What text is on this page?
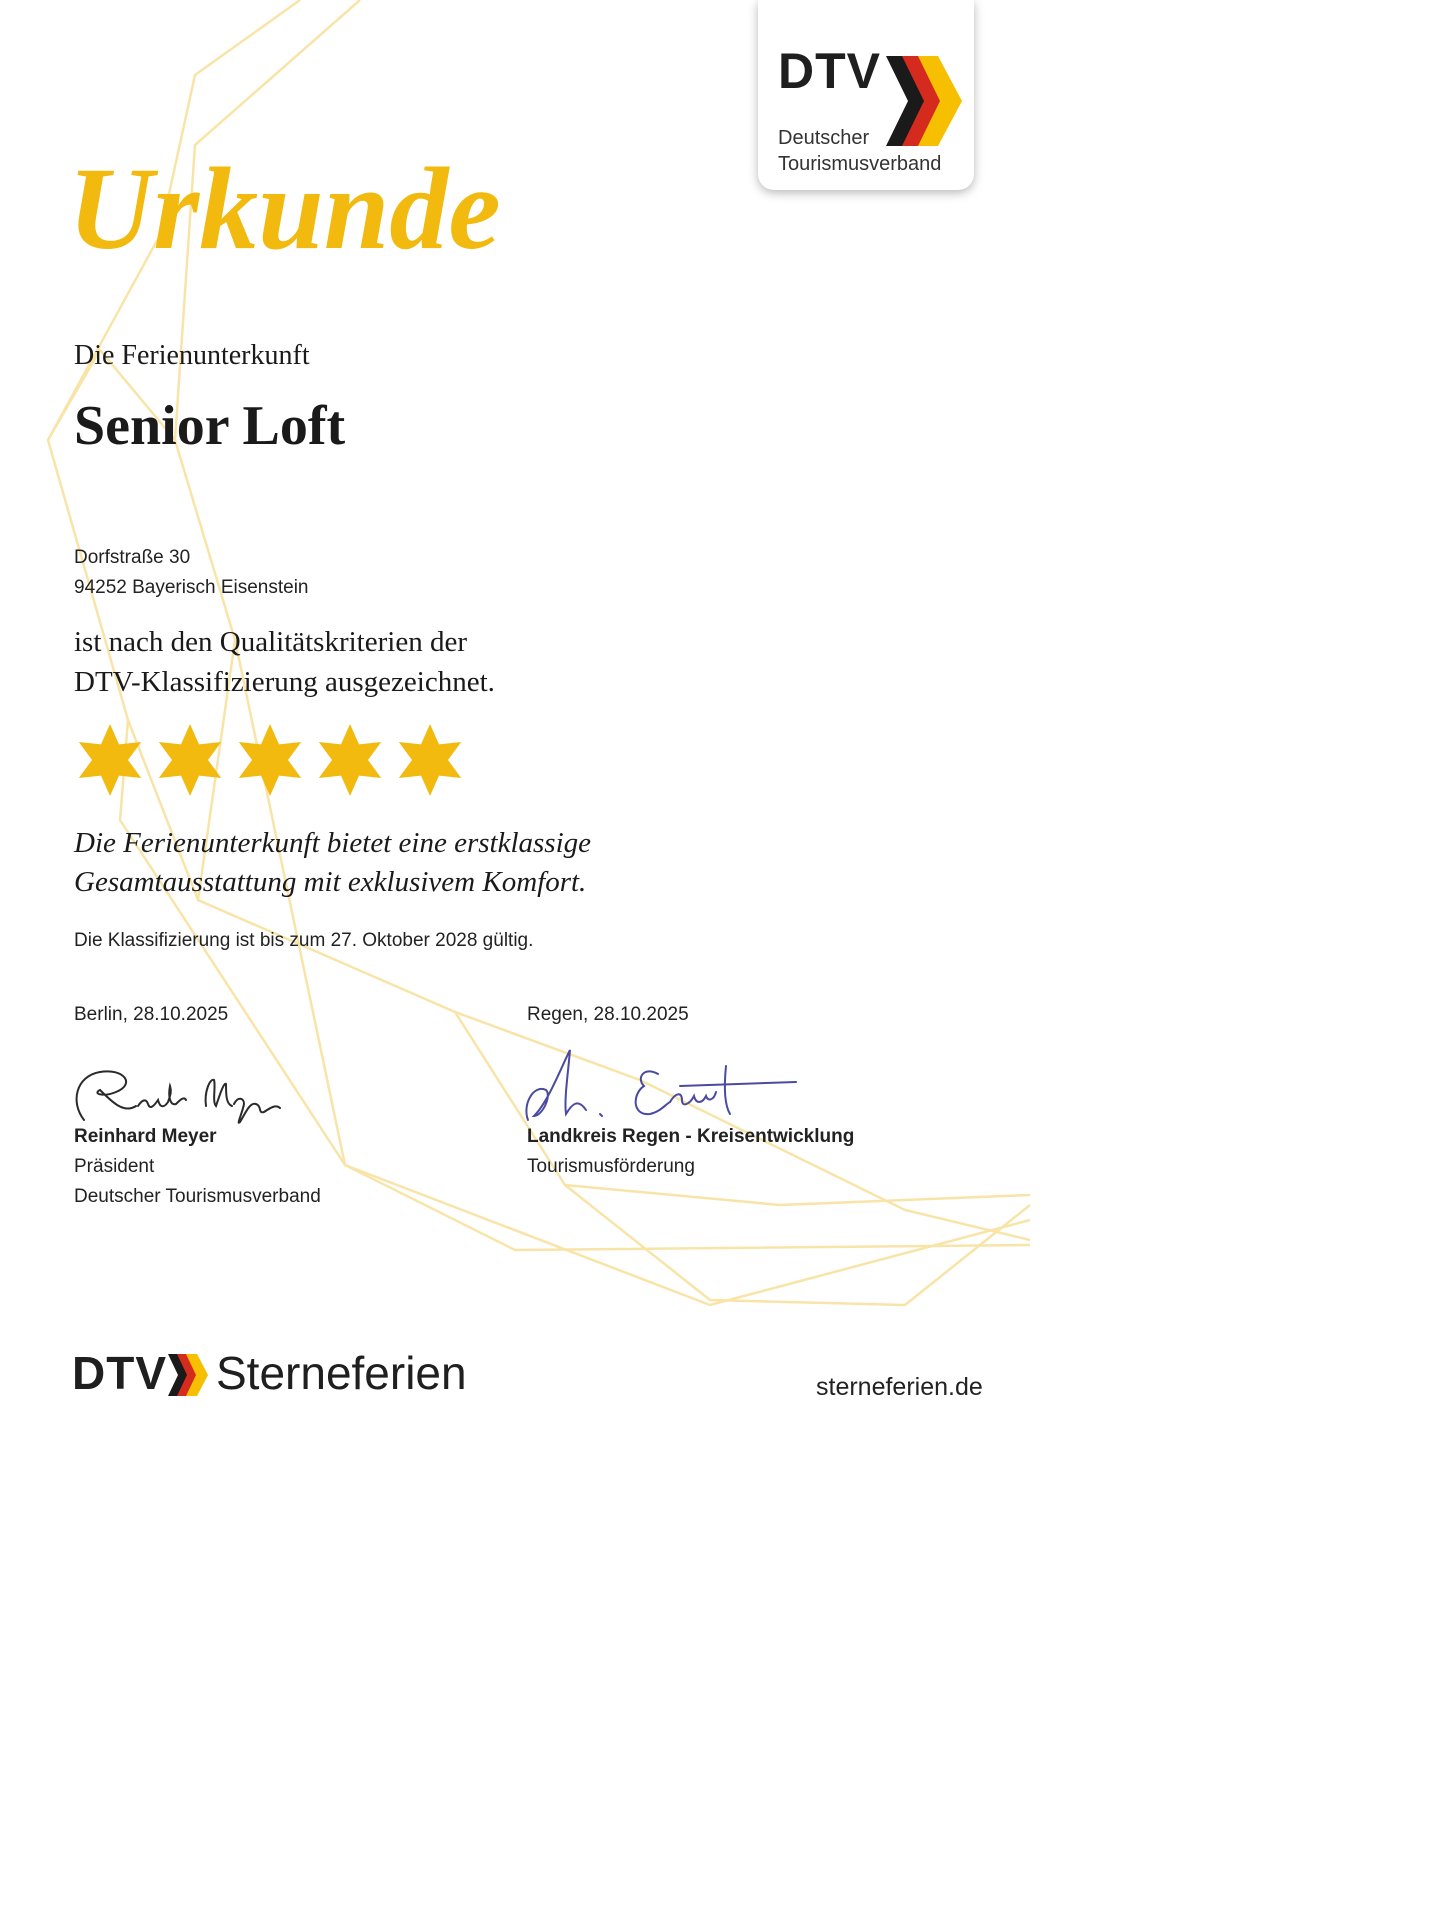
DTV
Deutscher
Tourismusverband
Urkunde
Die Ferienunterkunft
Senior Loft
Dorfstraße 30
94252 Bayerisch Eisenstein
ist nach den Qualitätskriterien der
DTV-Klassifizierung ausgezeichnet.
Die Ferienunterkunft bietet eine erstklassige
Gesamtausstattung mit exklusivem Komfort.
Die Klassifizierung ist bis zum 27. Oktober 2028 gültig.
Berlin, 28.10.2025	Regen, 28.10.2025
Reinhard Meyer
Präsident
Deutscher Tourismusverband
Landkreis Regen - Kreisentwicklung
Tourismusförderung
DTV Sterneferien	sterneferien.de
